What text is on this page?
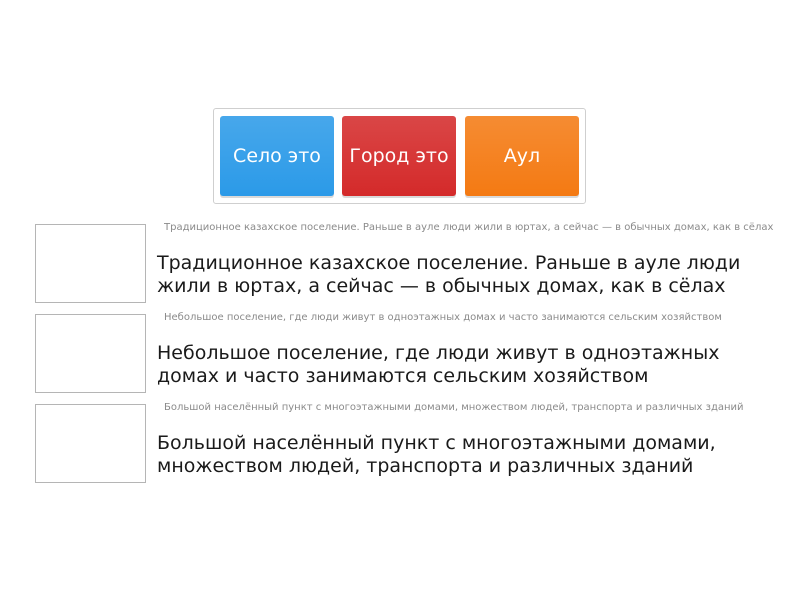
Село это	Город это	Аул
Традиционное казахское поселение. Раньше в ауле люди жили в юртах, а сейчас — в обычных домах, как в сёлах
Традиционное казахское поселение. Раньше в ауле люди жили в юртах, а сейчас — в обычных домах, как в сёлах
Небольшое поселение, где люди живут в одноэтажных домах и часто занимаются сельским хозяйством
Небольшое поселение, где люди живут в одноэтажных домах и часто занимаются сельским хозяйством
Большой населённый пункт с многоэтажными домами, множеством людей, транспорта и различных зданий
Большой населённый пункт с многоэтажными домами, множеством людей, транспорта и различных зданий
